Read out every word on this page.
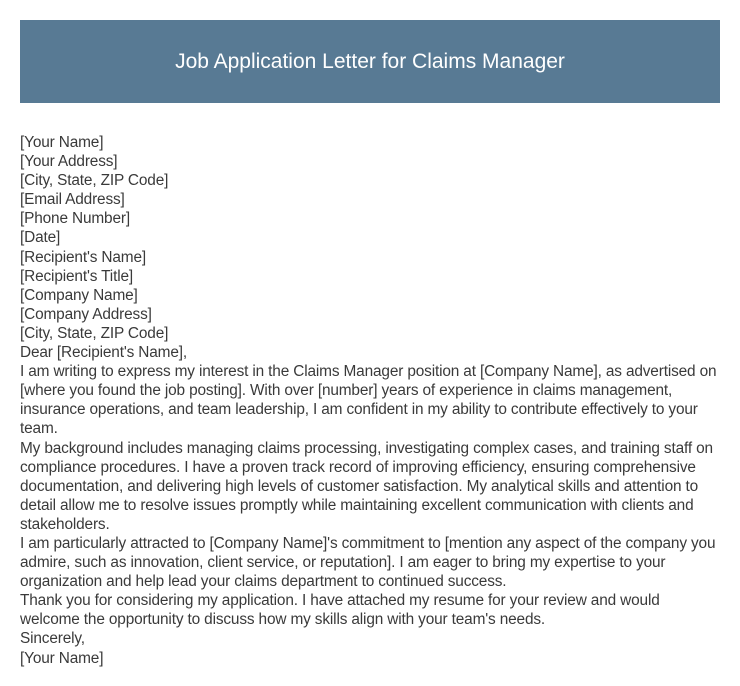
Job Application Letter for Claims Manager
[Your Name]
[Your Address]
[City, State, ZIP Code]
[Email Address]
[Phone Number]
[Date]
[Recipient's Name]
[Recipient's Title]
[Company Name]
[Company Address]
[City, State, ZIP Code]
Dear [Recipient's Name],
I am writing to express my interest in the Claims Manager position at [Company Name], as advertised on [where you found the job posting]. With over [number] years of experience in claims management, insurance operations, and team leadership, I am confident in my ability to contribute effectively to your team.
My background includes managing claims processing, investigating complex cases, and training staff on compliance procedures. I have a proven track record of improving efficiency, ensuring comprehensive documentation, and delivering high levels of customer satisfaction. My analytical skills and attention to detail allow me to resolve issues promptly while maintaining excellent communication with clients and stakeholders.
I am particularly attracted to [Company Name]'s commitment to [mention any aspect of the company you admire, such as innovation, client service, or reputation]. I am eager to bring my expertise to your organization and help lead your claims department to continued success.
Thank you for considering my application. I have attached my resume for your review and would welcome the opportunity to discuss how my skills align with your team's needs.
Sincerely,
[Your Name]
